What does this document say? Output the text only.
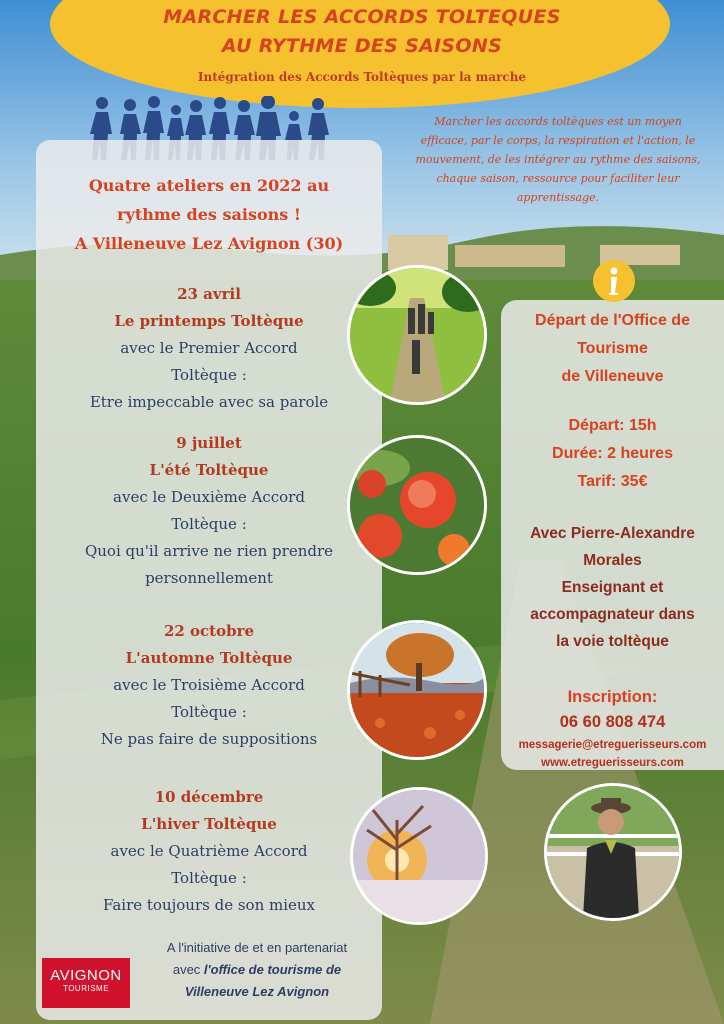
MARCHER LES ACCORDS TOLTEQUES
AU RYTHME DES SAISONS
Intégration des Accords Toltèques par la marche
Marcher les accords toltèques est un moyen
efficace, par le corps, la respiration et l'action, le
mouvement, de les intégrer au rythme des saisons,
chaque saison, ressource pour faciliter leur
apprentissage.
Quatre ateliers en 2022 au
rythme des saisons !
A Villeneuve Lez Avignon (30)
23 avril
Le printemps Toltèque
avec le Premier Accord
Toltèque :
Etre impeccable avec sa parole
9 juillet
L'été Toltèque
avec le Deuxième Accord
Toltèque :
Quoi qu'il arrive ne rien prendre
personnellement
22 octobre
L'automne Toltèque
avec le Troisième Accord
Toltèque :
Ne pas faire de suppositions
10 décembre
L'hiver Toltèque
avec le Quatrième Accord
Toltèque :
Faire toujours de son mieux
Départ de l'Office de
Tourisme
de Villeneuve
Départ: 15h
Durée: 2 heures
Tarif: 35€
Avec Pierre-Alexandre
Morales
Enseignant et
accompagnateur dans
la voie toltèque
Inscription:
06 60 808 474
messagerie@etreguerisseurs.com
www.etreguerisseurs.com
AVIGNON
TOURISME
A l'initiative de et en partenariat
avec l'office de tourisme de
Villeneuve Lez Avignon
